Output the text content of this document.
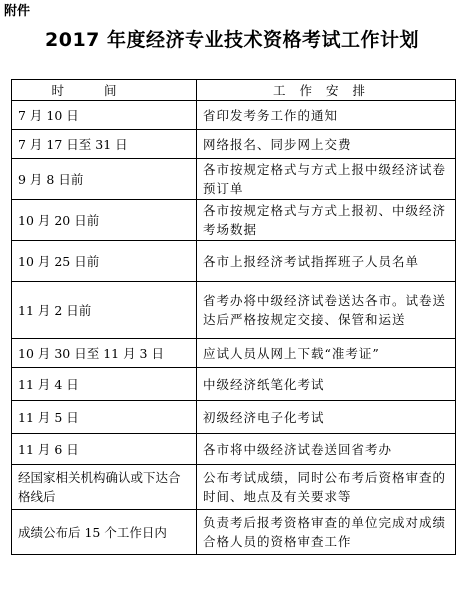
附件
2017 年度经济专业技术资格考试工作计划
时间	工作安排
7 月 10 日	省印发考务工作的通知
7 月 17 日至 31 日	网络报名、同步网上交费
9 月 8 日前	各市按规定格式与方式上报中级经济试卷预订单
10 月 20 日前	各市按规定格式与方式上报初、中级经济考场数据
10 月 25 日前	各市上报经济考试指挥班子人员名单
11 月 2 日前	省考办将中级经济试卷送达各市。试卷送达后严格按规定交接、保管和运送
10 月 30 日至 11 月 3 日	应试人员从网上下载“准考证”
11 月 4 日	中级经济纸笔化考试
11 月 5 日	初级经济电子化考试
11 月 6 日	各市将中级经济试卷送回省考办
经国家相关机构确认或下达合格线后	公布考试成绩，同时公布考后资格审查的时间、地点及有关要求等
成绩公布后 15 个工作日内	负责考后报考资格审查的单位完成对成绩合格人员的资格审查工作
